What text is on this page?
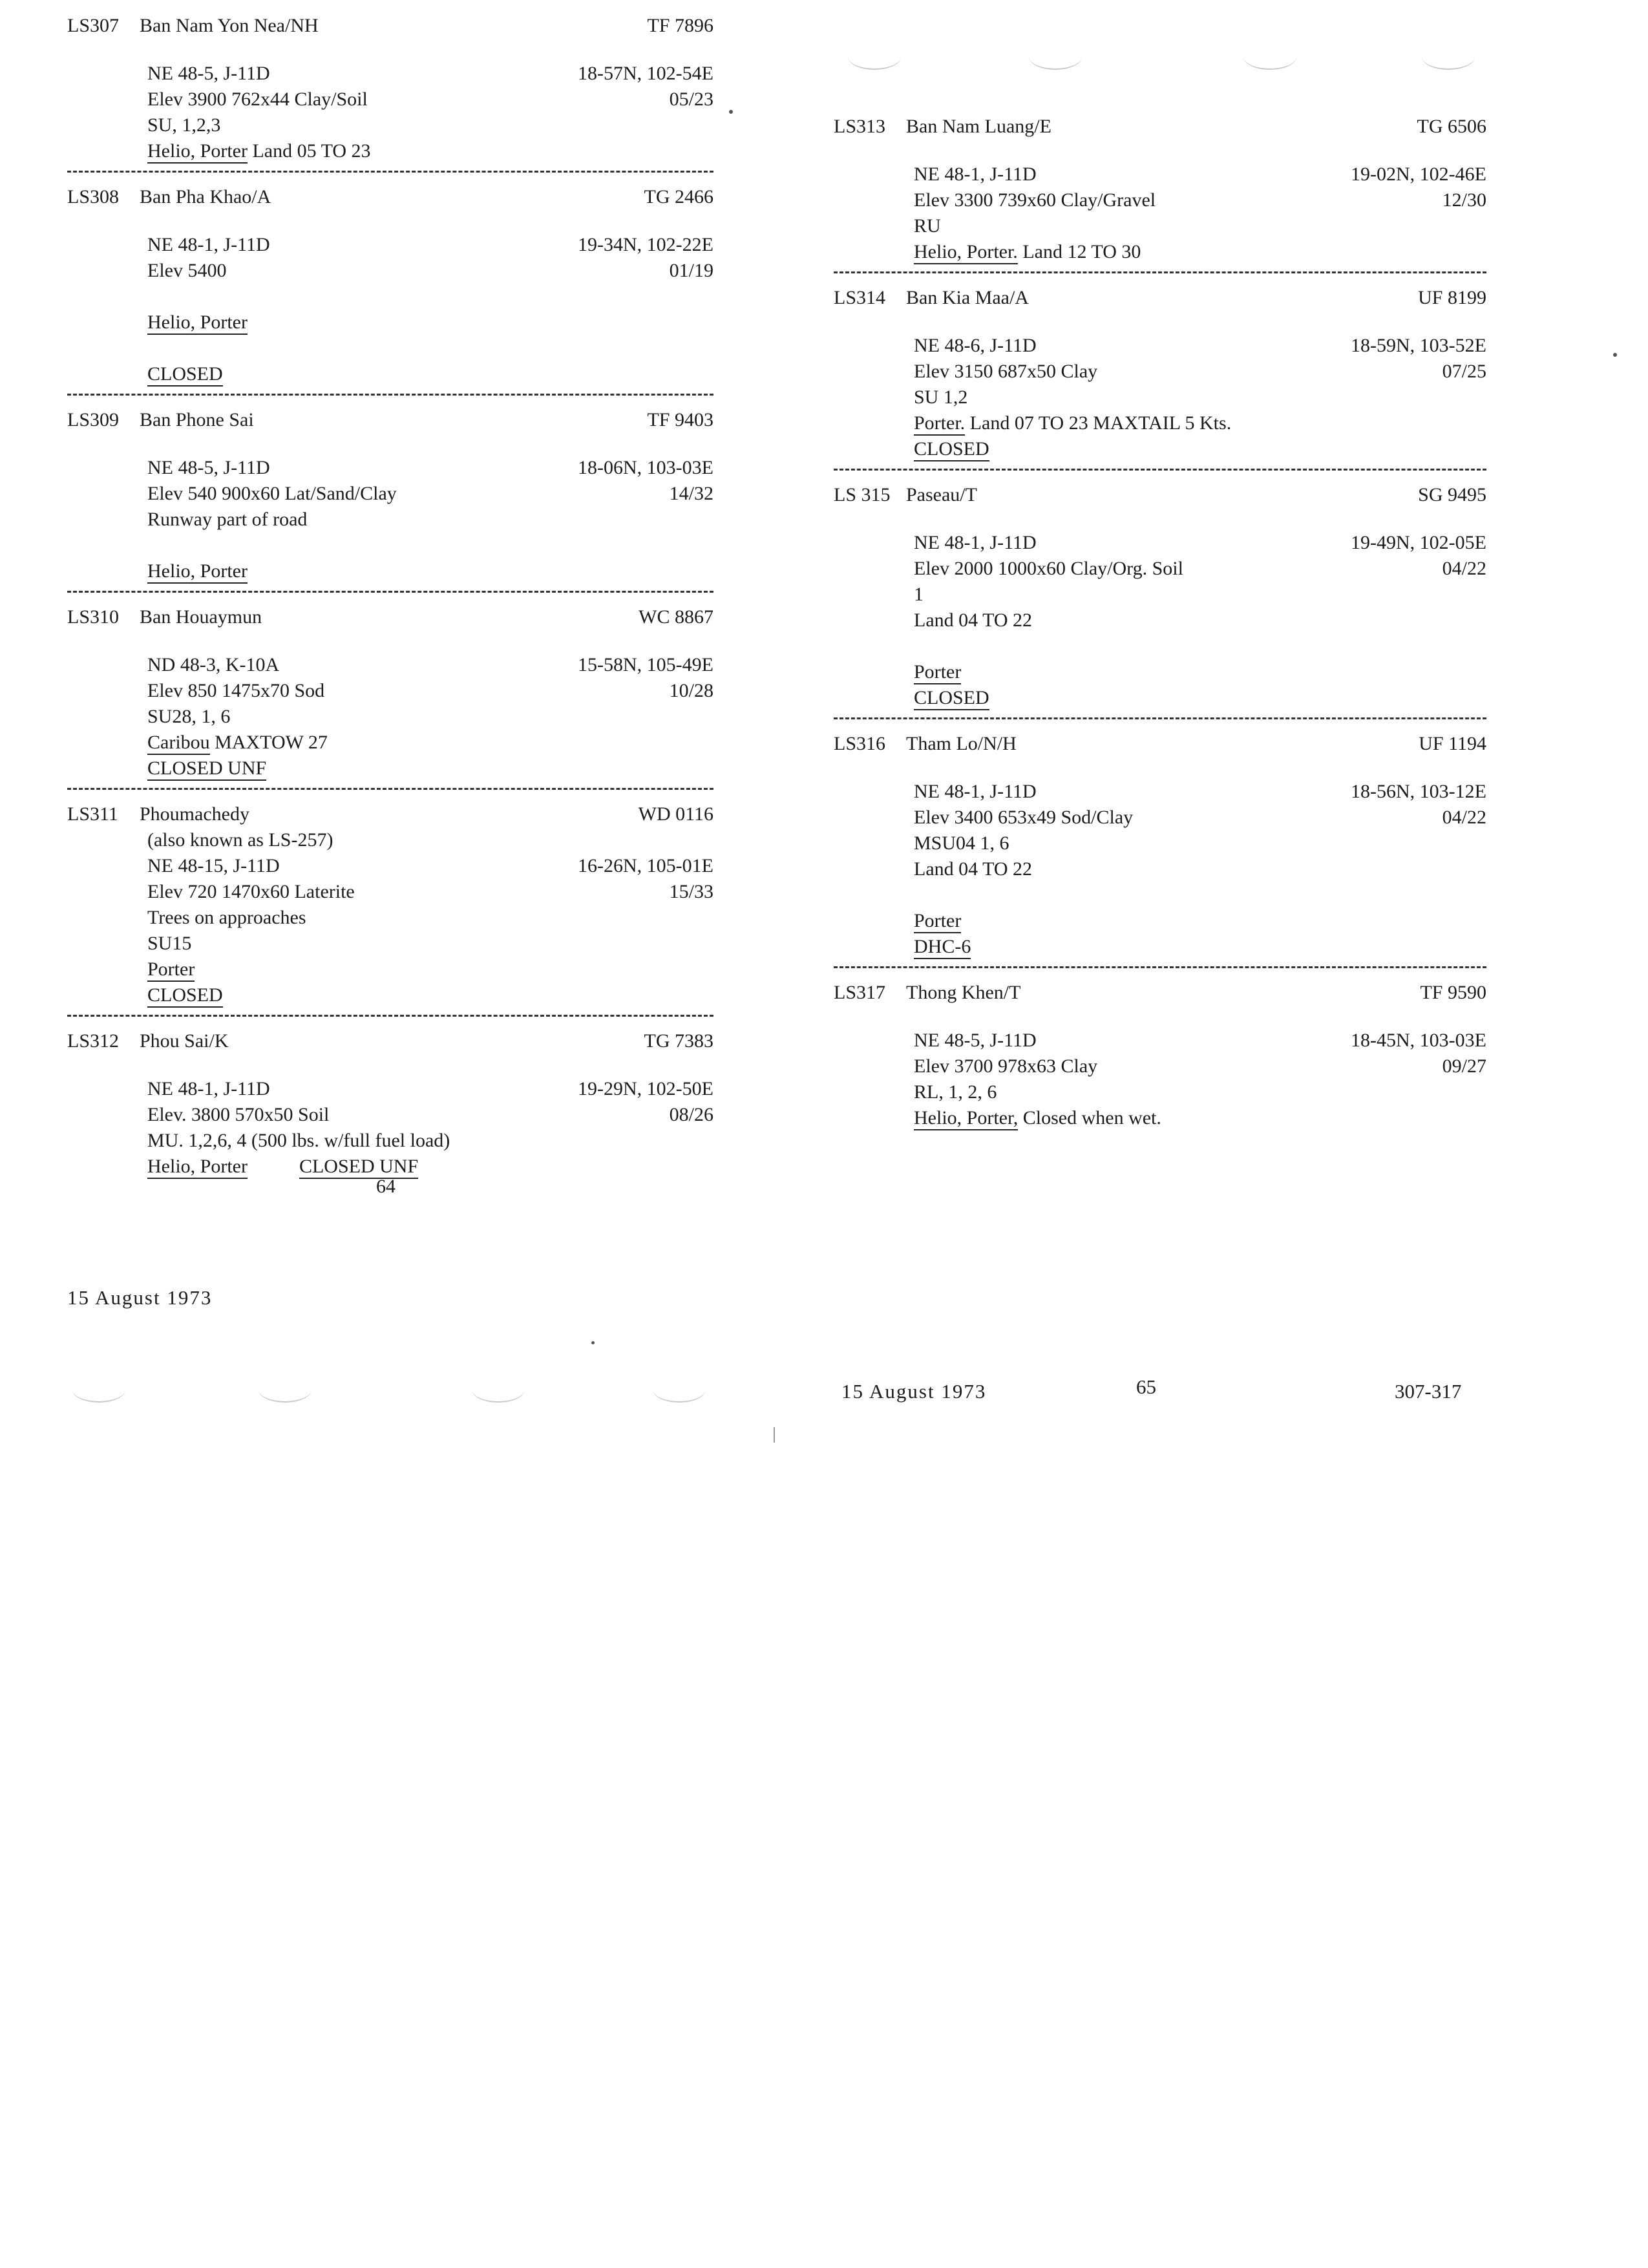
LS307 Ban Nam Yon Nea/NH	TF 7896
NE 48-5, J-11D	18-57N, 102-54E
Elev 3900 762x44 Clay/Soil	05/23
SU, 1,2,3
Helio, Porter Land 05 TO 23
LS308 Ban Pha Khao/A	TG 2466
NE 48-1, J-11D	19-34N, 102-22E
Elev 5400	01/19
Helio, Porter
CLOSED
LS309 Ban Phone Sai	TF 9403
NE 48-5, J-11D	18-06N, 103-03E
Elev 540 900x60 Lat/Sand/Clay	14/32
Runway part of road
Helio, Porter
LS310 Ban Houaymun	WC 8867
ND 48-3, K-10A	15-58N, 105-49E
Elev 850 1475x70 Sod	10/28
SU28, 1, 6
Caribou MAXTOW 27
CLOSED UNF
LS311 Phoumachedy	WD 0116
(also known as LS-257)
NE 48-15, J-11D	16-26N, 105-01E
Elev 720 1470x60 Laterite	15/33
Trees on approaches
SU15
Porter
CLOSED
LS312 Phou Sai/K	TG 7383
NE 48-1, J-11D	19-29N, 102-50E
Elev. 3800 570x50 Soil	08/26
MU. 1,2,6, 4 (500 lbs. w/full fuel load)
Helio, Porter	CLOSED UNF
64
LS313 Ban Nam Luang/E	TG 6506
NE 48-1, J-11D	19-02N, 102-46E
Elev 3300 739x60 Clay/Gravel	12/30
RU
Helio, Porter. Land 12 TO 30
LS314 Ban Kia Maa/A	UF 8199
NE 48-6, J-11D	18-59N, 103-52E
Elev 3150 687x50 Clay	07/25
SU 1,2
Porter. Land 07 TO 23 MAXTAIL 5 Kts.
CLOSED
LS 315 Paseau/T	SG 9495
NE 48-1, J-11D	19-49N, 102-05E
Elev 2000 1000x60 Clay/Org. Soil	04/22
1
Land 04 TO 22
Porter
CLOSED
LS316 Tham Lo/N/H	UF 1194
NE 48-1, J-11D	18-56N, 103-12E
Elev 3400 653x49 Sod/Clay	04/22
MSU04 1, 6
Land 04 TO 22
Porter
DHC-6
LS317 Thong Khen/T	TF 9590
NE 48-5, J-11D	18-45N, 103-03E
Elev 3700 978x63 Clay	09/27
RL, 1, 2, 6
Helio, Porter, Closed when wet.
15 August 1973
15 August 1973	65	307-317
